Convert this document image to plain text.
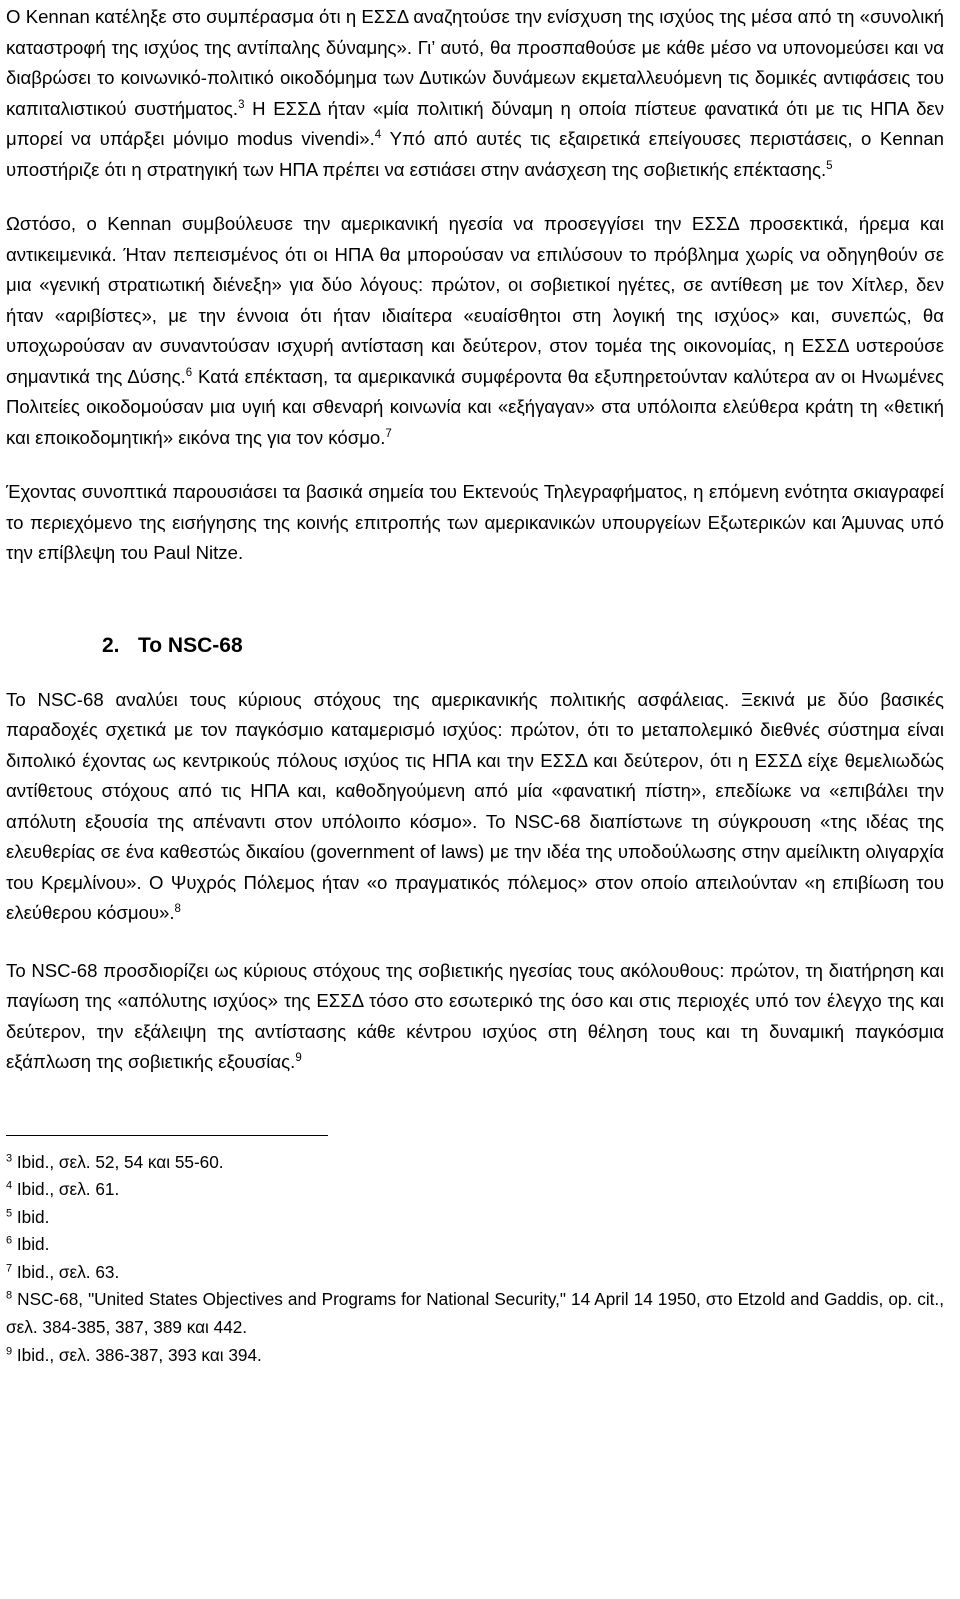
O Kennan κατέληξε στο συμπέρασμα ότι η ΕΣΣΔ αναζητούσε την ενίσχυση της ισχύος της μέσα από τη «συνολική καταστροφή της ισχύος της αντίπαλης δύναμης». Γι’ αυτό, θα προσπαθούσε με κάθε μέσο να υπονομεύσει και να διαβρώσει το κοινωνικό-πολιτικό οικοδόμημα των Δυτικών δυνάμεων εκμεταλλευόμενη τις δομικές αντιφάσεις του καπιταλιστικού συστήματος.$^3$ Η ΕΣΣΔ ήταν «μία πολιτική δύναμη η οποία πίστευε φανατικά ότι με τις ΗΠΑ δεν μπορεί να υπάρξει μόνιμο modus vivendi».$^4$ Υπό από αυτές τις εξαιρετικά επείγουσες περιστάσεις, ο Kennan υποστήριζε ότι η στρατηγική των ΗΠΑ πρέπει να εστιάσει στην ανάσχεση της σοβιετικής επέκτασης.$^5$

Ωστόσο, ο Kennan συμβούλευσε την αμερικανική ηγεσία να προσεγγίσει την ΕΣΣΔ προσεκτικά, ήρεμα και αντικειμενικά. Ήταν πεπεισμένος ότι οι ΗΠΑ θα μπορούσαν να επιλύσουν το πρόβλημα χωρίς να οδηγηθούν σε μια «γενική στρατιωτική διένεξη» για δύο λόγους: πρώτον, οι σοβιετικοί ηγέτες, σε αντίθεση με τον Χίτλερ, δεν ήταν «αριβίστες», με την έννοια ότι ήταν ιδιαίτερα «ευαίσθητοι στη λογική της ισχύος» και, συνεπώς, θα υποχωρούσαν αν συναντούσαν ισχυρή αντίσταση και δεύτερον, στον τομέα της οικονομίας, η ΕΣΣΔ υστερούσε σημαντικά της Δύσης.$^6$ Κατά επέκταση, τα αμερικανικά συμφέροντα θα εξυπηρετούνταν καλύτερα αν οι Ηνωμένες Πολιτείες οικοδομούσαν μια υγιή και σθεναρή κοινωνία και «εξήγαγαν» στα υπόλοιπα ελεύθερα κράτη τη «θετική και εποικοδομητική» εικόνα της για τον κόσμο.$^7$

Έχοντας συνοπτικά παρουσιάσει τα βασικά σημεία του Εκτενούς Τηλεγραφήματος, η επόμενη ενότητα σκιαγραφεί το περιεχόμενο της εισήγησης της κοινής επιτροπής των αμερικανικών υπουργείων Εξωτερικών και Άμυνας υπό την επίβλεψη του Paul Nitze.

2. Το NSC-68

Το NSC-68 αναλύει τους κύριους στόχους της αμερικανικής πολιτικής ασφάλειας. Ξεκινά με δύο βασικές παραδοχές σχετικά με τον παγκόσμιο καταμερισμό ισχύος: πρώτον, ότι το μεταπολεμικό διεθνές σύστημα είναι διπολικό έχοντας ως κεντρικούς πόλους ισχύος τις ΗΠΑ και την ΕΣΣΔ και δεύτερον, ότι η ΕΣΣΔ είχε θεμελιωδώς αντίθετους στόχους από τις ΗΠΑ και, καθοδηγούμενη από μία «φανατική πίστη», επεδίωκε να «επιβάλει την απόλυτη εξουσία της απέναντι στον υπόλοιπο κόσμο». Το NSC-68 διαπίστωνε τη σύγκρουση «της ιδέας της ελευθερίας σε ένα καθεστώς δικαίου (government of laws) με την ιδέα της υποδούλωσης στην αμείλικτη ολιγαρχία του Κρεμλίνου». Ο Ψυχρός Πόλεμος ήταν «ο πραγματικός πόλεμος» στον οποίο απειλούνταν «η επιβίωση του ελεύθερου κόσμου».$^8$

Το NSC-68 προσδιορίζει ως κύριους στόχους της σοβιετικής ηγεσίας τους ακόλουθους: πρώτον, τη διατήρηση και παγίωση της «απόλυτης ισχύος» της ΕΣΣΔ τόσο στο εσωτερικό της όσο και στις περιοχές υπό τον έλεγχο της και δεύτερον, την εξάλειψη της αντίστασης κάθε κέντρου ισχύος στη θέληση τους και τη δυναμική παγκόσμια εξάπλωση της σοβιετικής εξουσίας.$^9$

$^3$ Ibid., σελ. 52, 54 και 55-60.
$^4$ Ibid., σελ. 61.
$^5$ Ibid.
$^6$ Ibid.
$^7$ Ibid., σελ. 63.
$^8$ NSC-68, "United States Objectives and Programs for National Security," 14 April 14 1950, στο Etzold and Gaddis, op. cit., σελ. 384-385, 387, 389 και 442.
$^9$ Ibid., σελ. 386-387, 393 και 394.
